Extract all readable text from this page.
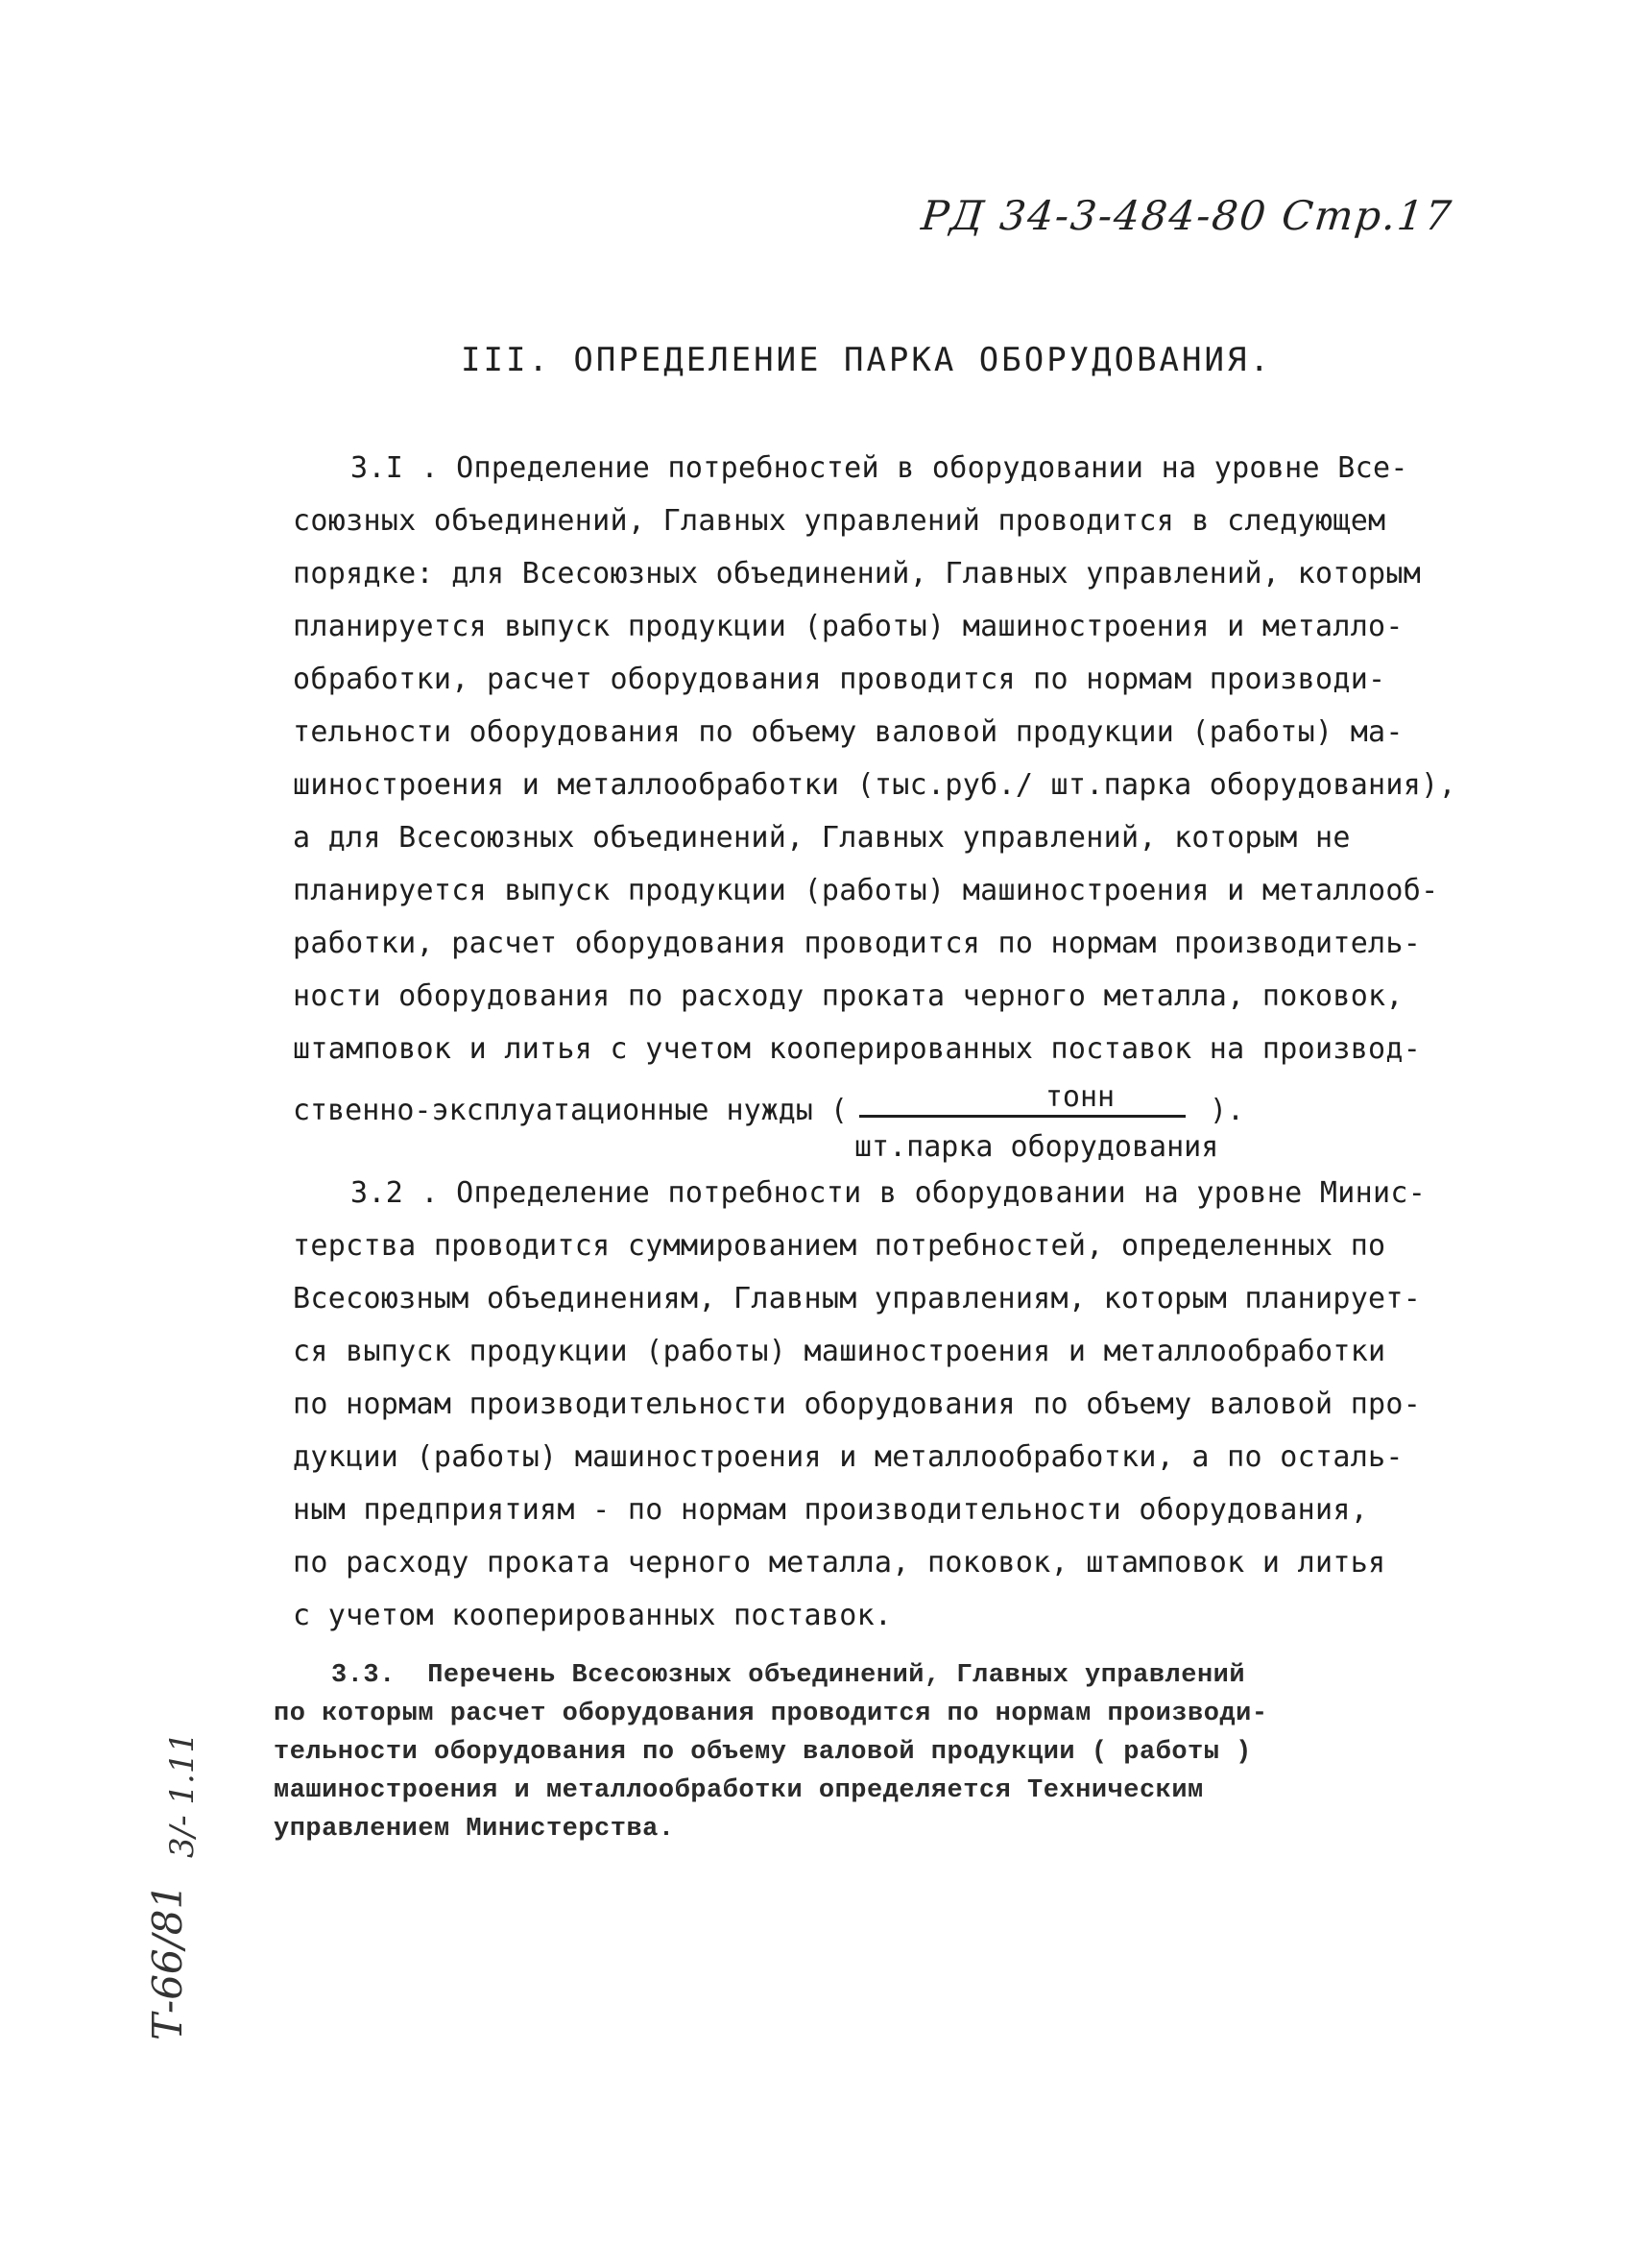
РД 34-3-484-80 Стр.17
III. ОПРЕДЕЛЕНИЕ ПАРКА ОБОРУДОВАНИЯ.
3.I . Определение потребностей в оборудовании на уровне Все-
союзных объединений, Главных управлений проводится в следующем
порядке: для Всесоюзных объединений, Главных управлений, которым
планируется выпуск продукции (работы) машиностроения и металло-
обработки, расчет оборудования проводится по нормам производи-
тельности оборудования по объему валовой продукции (работы) ма-
шиностроения и металлообработки (тыс.руб./ шт.парка оборудования),
а для Всесоюзных объединений, Главных управлений, которым не
планируется выпуск продукции (работы) машиностроения и металлооб-
работки, расчет оборудования проводится по нормам производитель-
ности оборудования по расходу проката черного металла, поковок,
штамповок и литья с учетом кооперированных поставок на производ-
ственно-эксплуатационные нужды (	тонн
шт.парка оборудования
).
3.2 . Определение потребности в оборудовании на уровне Минис-
терства проводится суммированием потребностей, определенных по
Всесоюзным объединениям, Главным управлениям, которым планирует-
ся выпуск продукции (работы) машиностроения и металлообработки
по нормам производительности оборудования по объему валовой про-
дукции (работы) машиностроения и металлообработки, а по осталь-
ным предприятиям - по нормам производительности оборудования,
по расходу проката черного металла, поковок, штамповок и литья
с учетом кооперированных поставок.
3.3.  Перечень Всесоюзных объединений, Главных управлений
по которым расчет оборудования проводится по нормам производи-
тельности оборудования по объему валовой продукции ( работы )
машиностроения и металлообработки определяется Техническим
управлением Министерства.
Т-66/81
3/- 1.11
